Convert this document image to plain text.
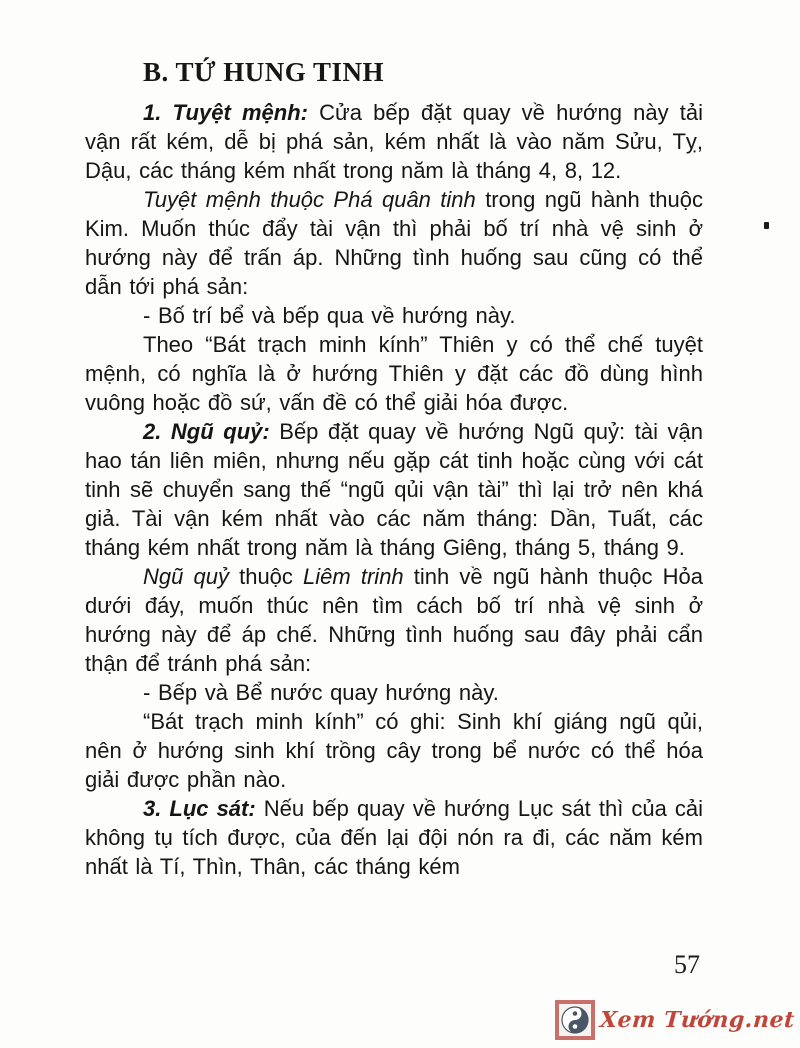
B. TỨ HUNG TINH

1. Tuyệt mệnh: Cửa bếp đặt quay về hướng này tải vận rất kém, dễ bị phá sản, kém nhất là vào năm Sửu, Tỵ, Dậu, các tháng kém nhất trong năm là tháng 4, 8, 12.

Tuyệt mệnh thuộc Phá quân tinh trong ngũ hành thuộc Kim. Muốn thúc đẩy tài vận thì phải bố trí nhà vệ sinh ở hướng này để trấn áp. Những tình huống sau cũng có thể dẫn tới phá sản:

- Bố trí bể và bếp qua về hướng này.

Theo “Bát trạch minh kính” Thiên y có thể chế tuyệt mệnh, có nghĩa là ở hướng Thiên y đặt các đồ dùng hình vuông hoặc đồ sứ, vấn đề có thể giải hóa được.

2. Ngũ quỷ: Bếp đặt quay về hướng Ngũ quỷ: tài vận hao tán liên miên, nhưng nếu gặp cát tinh hoặc cùng với cát tinh sẽ chuyển sang thế “ngũ qủi vận tài” thì lại trở nên khá giả. Tài vận kém nhất vào các năm tháng: Dần, Tuất, các tháng kém nhất trong năm là tháng Giêng, tháng 5, tháng 9.

Ngũ quỷ thuộc Liêm trinh tinh về ngũ hành thuộc Hỏa dưới đáy, muốn thúc nên tìm cách bố trí nhà vệ sinh ở hướng này để áp chế. Những tình huống sau đây phải cẩn thận để tránh phá sản:

- Bếp và Bể nước quay hướng này.

“Bát trạch minh kính” có ghi: Sinh khí giáng ngũ qủi, nên ở hướng sinh khí trồng cây trong bể nước có thể hóa giải được phần nào.

3. Lục sát: Nếu bếp quay về hướng Lục sát thì của cải không tụ tích được, của đến lại đội nón ra đi, các năm kém nhất là Tí, Thìn, Thân, các tháng kém

57
Xem Tướng.net
